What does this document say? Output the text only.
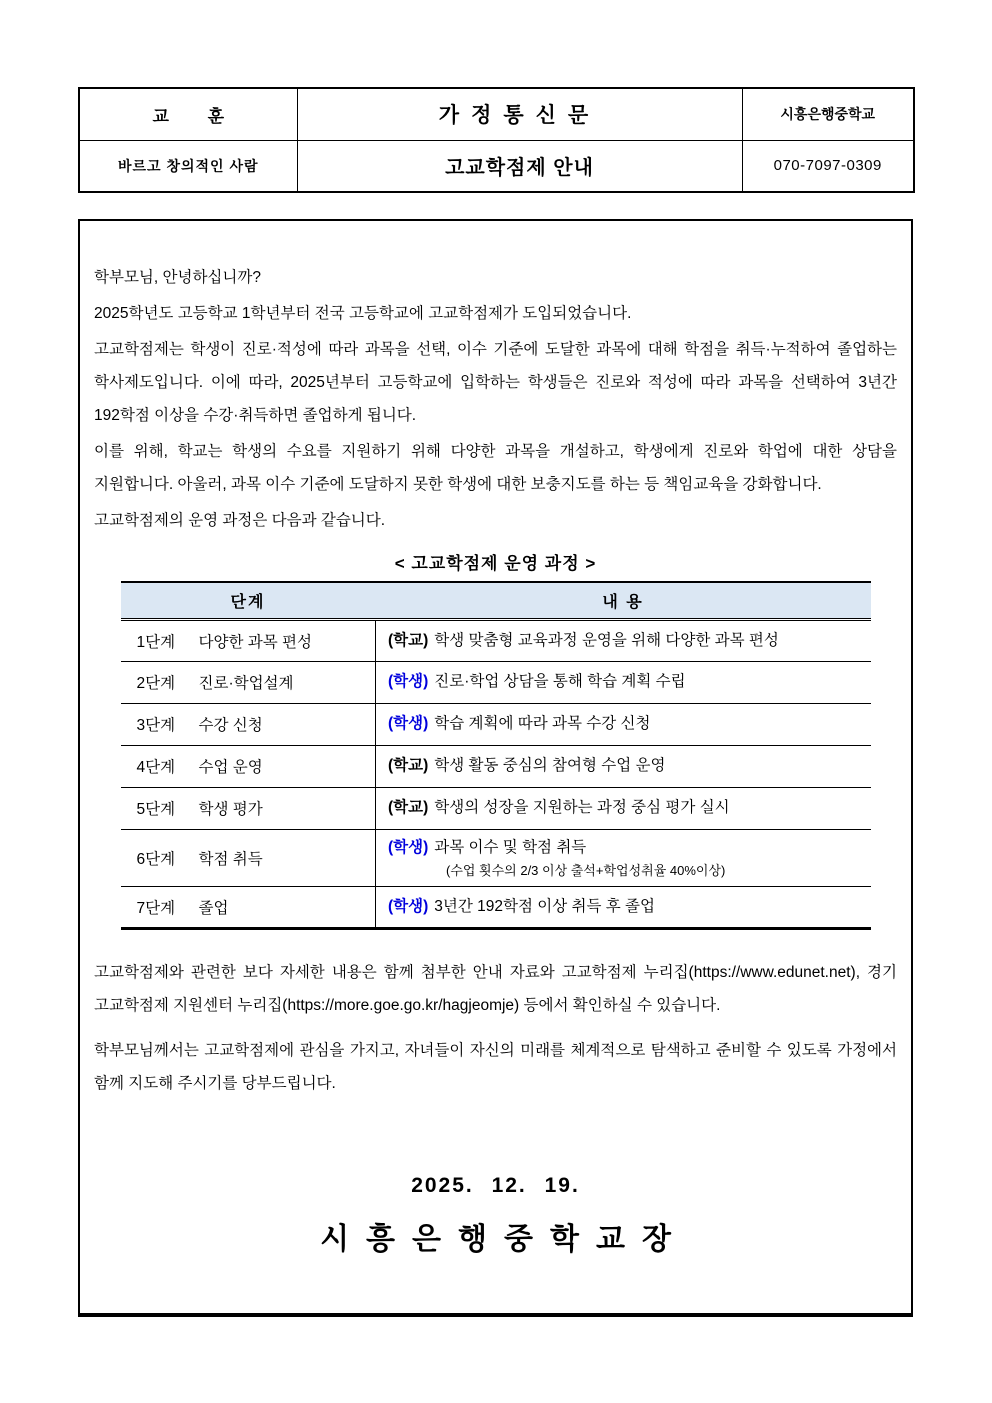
교 훈	가정통신문	시흥은행중학교
바르고 창의적인 사람	고교학점제 안내	070-7097-0309

학부모님, 안녕하십니까?

2025학년도 고등학교 1학년부터 전국 고등학교에 고교학점제가 도입되었습니다.

고교학점제는 학생이 진로·적성에 따라 과목을 선택, 이수 기준에 도달한 과목에 대해 학점을 취득·누적하여 졸업하는 학사제도입니다. 이에 따라, 2025년부터 고등학교에 입학하는 학생들은 진로와 적성에 따라 과목을 선택하여 3년간 192학점 이상을 수강·취득하면 졸업하게 됩니다.

이를 위해, 학교는 학생의 수요를 지원하기 위해 다양한 과목을 개설하고, 학생에게 진로와 학업에 대한 상담을 지원합니다. 아울러, 과목 이수 기준에 도달하지 못한 학생에 대한 보충지도를 하는 등 책임교육을 강화합니다.

고교학점제의 운영 과정은 다음과 같습니다.

< 고교학점제 운영 과정 >
단계	내 용
1단계 다양한 과목 편성	(학교) 학생 맞춤형 교육과정 운영을 위해 다양한 과목 편성
2단계 진로·학업설계	(학생) 진로·학업 상담을 통해 학습 계획 수립
3단계 수강 신청	(학생) 학습 계획에 따라 과목 수강 신청
4단계 수업 운영	(학교) 학생 활동 중심의 참여형 수업 운영
5단계 학생 평가	(학교) 학생의 성장을 지원하는 과정 중심 평가 실시
6단계 학점 취득	(학생) 과목 이수 및 학점 취득
(수업 횟수의 2/3 이상 출석+학업성취율 40%이상)

7단계 졸업	(학생) 3년간 192학점 이상 취득 후 졸업

고교학점제와 관련한 보다 자세한 내용은 함께 첨부한 안내 자료와 고교학점제 누리집(https://www.edunet.net), 경기 고교학점제 지원센터 누리집(https://more.goe.go.kr/hagjeomje) 등에서 확인하실 수 있습니다.

학부모님께서는 고교학점제에 관심을 가지고, 자녀들이 자신의 미래를 체계적으로 탐색하고 준비할 수 있도록 가정에서 함께 지도해 주시기를 당부드립니다.

2025. 12. 19.
시흥은행중학교장
